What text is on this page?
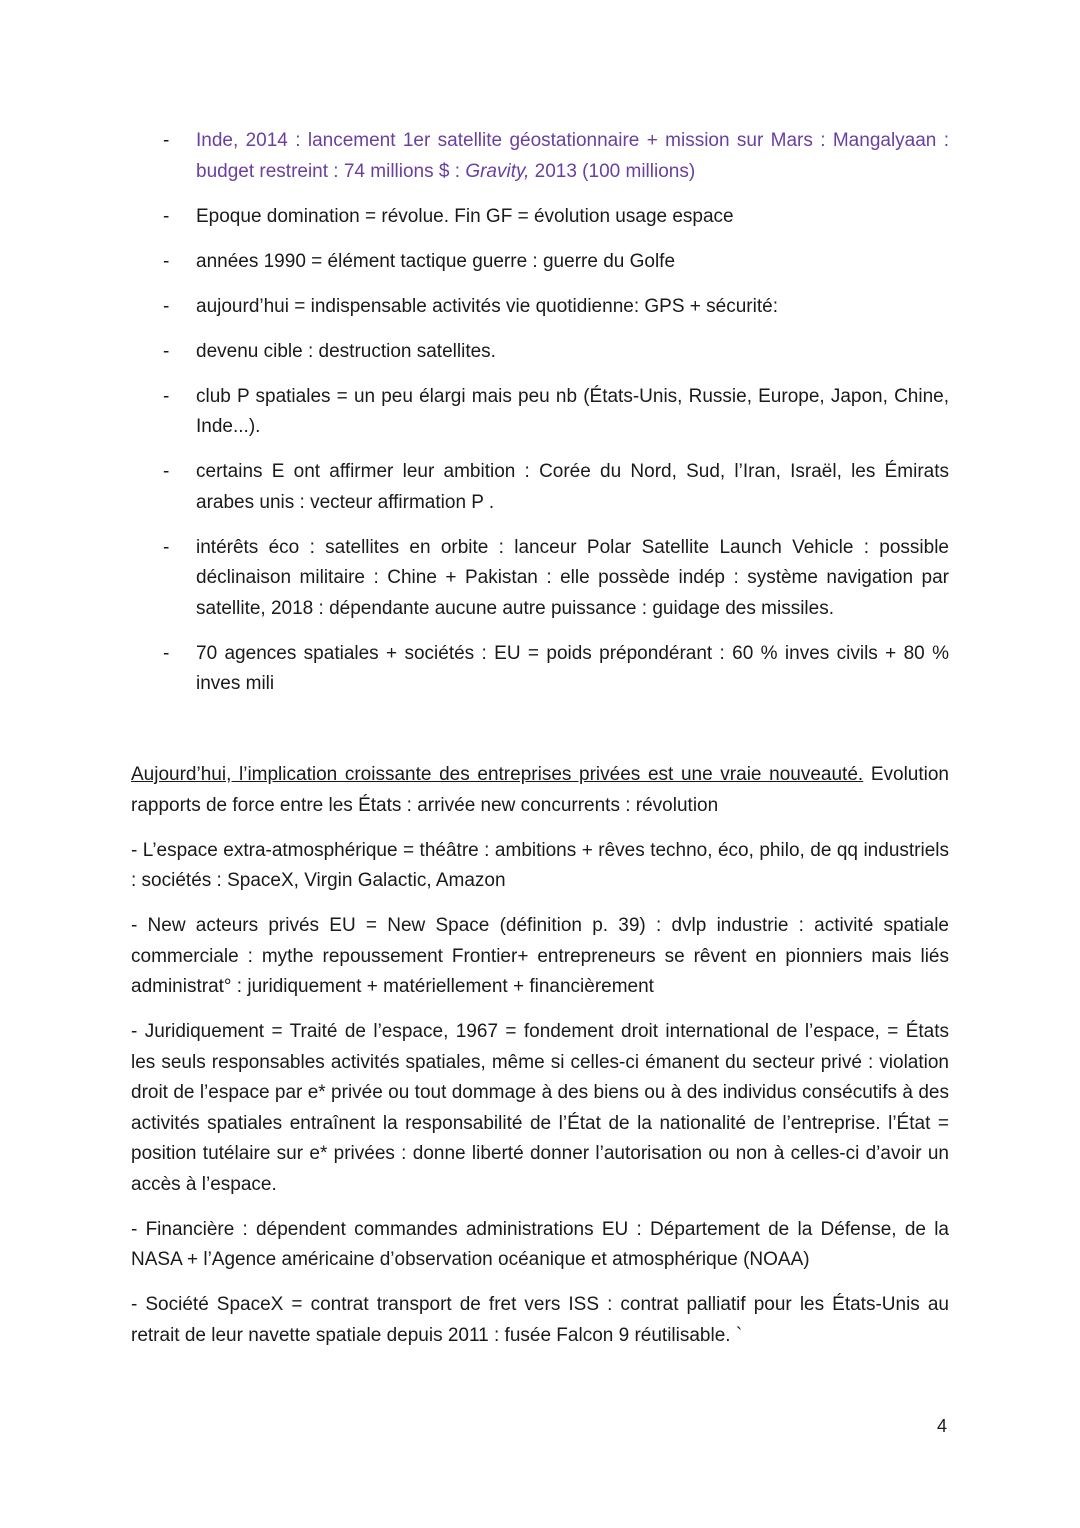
- Inde, 2014 : lancement 1er satellite géostationnaire + mission sur Mars : Mangalyaan : budget restreint : 74 millions $ : Gravity, 2013 (100 millions)
- Epoque domination = révolue. Fin GF = évolution usage espace
- années 1990 = élément tactique guerre : guerre du Golfe
- aujourd’hui = indispensable activités vie quotidienne: GPS + sécurité:
- devenu cible : destruction satellites.
- club P spatiales = un peu élargi mais peu nb (États-Unis, Russie, Europe, Japon, Chine, Inde...).
- certains E ont affirmer leur ambition : Corée du Nord, Sud, l’Iran, Israël, les Émirats arabes unis : vecteur affirmation P .
- intérêts éco : satellites en orbite : lanceur Polar Satellite Launch Vehicle : possible déclinaison militaire : Chine + Pakistan : elle possède indép : système navigation par satellite, 2018 : dépendante aucune autre puissance : guidage des missiles.
- 70 agences spatiales + sociétés : EU = poids prépondérant : 60 % inves civils + 80 % inves mili

Aujourd’hui, l’implication croissante des entreprises privées est une vraie nouveauté. Evolution rapports de force entre les États : arrivée new concurrents : révolution

- L’espace extra-atmosphérique = théâtre : ambitions + rêves techno, éco, philo, de qq industriels : sociétés : SpaceX, Virgin Galactic, Amazon

- New acteurs privés EU = New Space (définition p. 39) : dvlp industrie : activité spatiale commerciale : mythe repoussement Frontier+ entrepreneurs se rêvent en pionniers mais liés administrat° : juridiquement + matériellement + financièrement

- Juridiquement = Traité de l’espace, 1967 = fondement droit international de l’espace, = États les seuls responsables activités spatiales, même si celles-ci émanent du secteur privé : violation droit de l’espace par e* privée ou tout dommage à des biens ou à des individus consécutifs à des activités spatiales entraînent la responsabilité de l’État de la nationalité de l’entreprise. l’État = position tutélaire sur e* privées : donne liberté donner l’autorisation ou non à celles-ci d’avoir un accès à l’espace.

- Financière : dépendent commandes administrations EU : Département de la Défense, de la NASA + l’Agence américaine d’observation océanique et atmosphérique (NOAA)

- Société SpaceX = contrat transport de fret vers ISS : contrat palliatif pour les États-Unis au retrait de leur navette spatiale depuis 2011 : fusée Falcon 9 réutilisable. `

4
